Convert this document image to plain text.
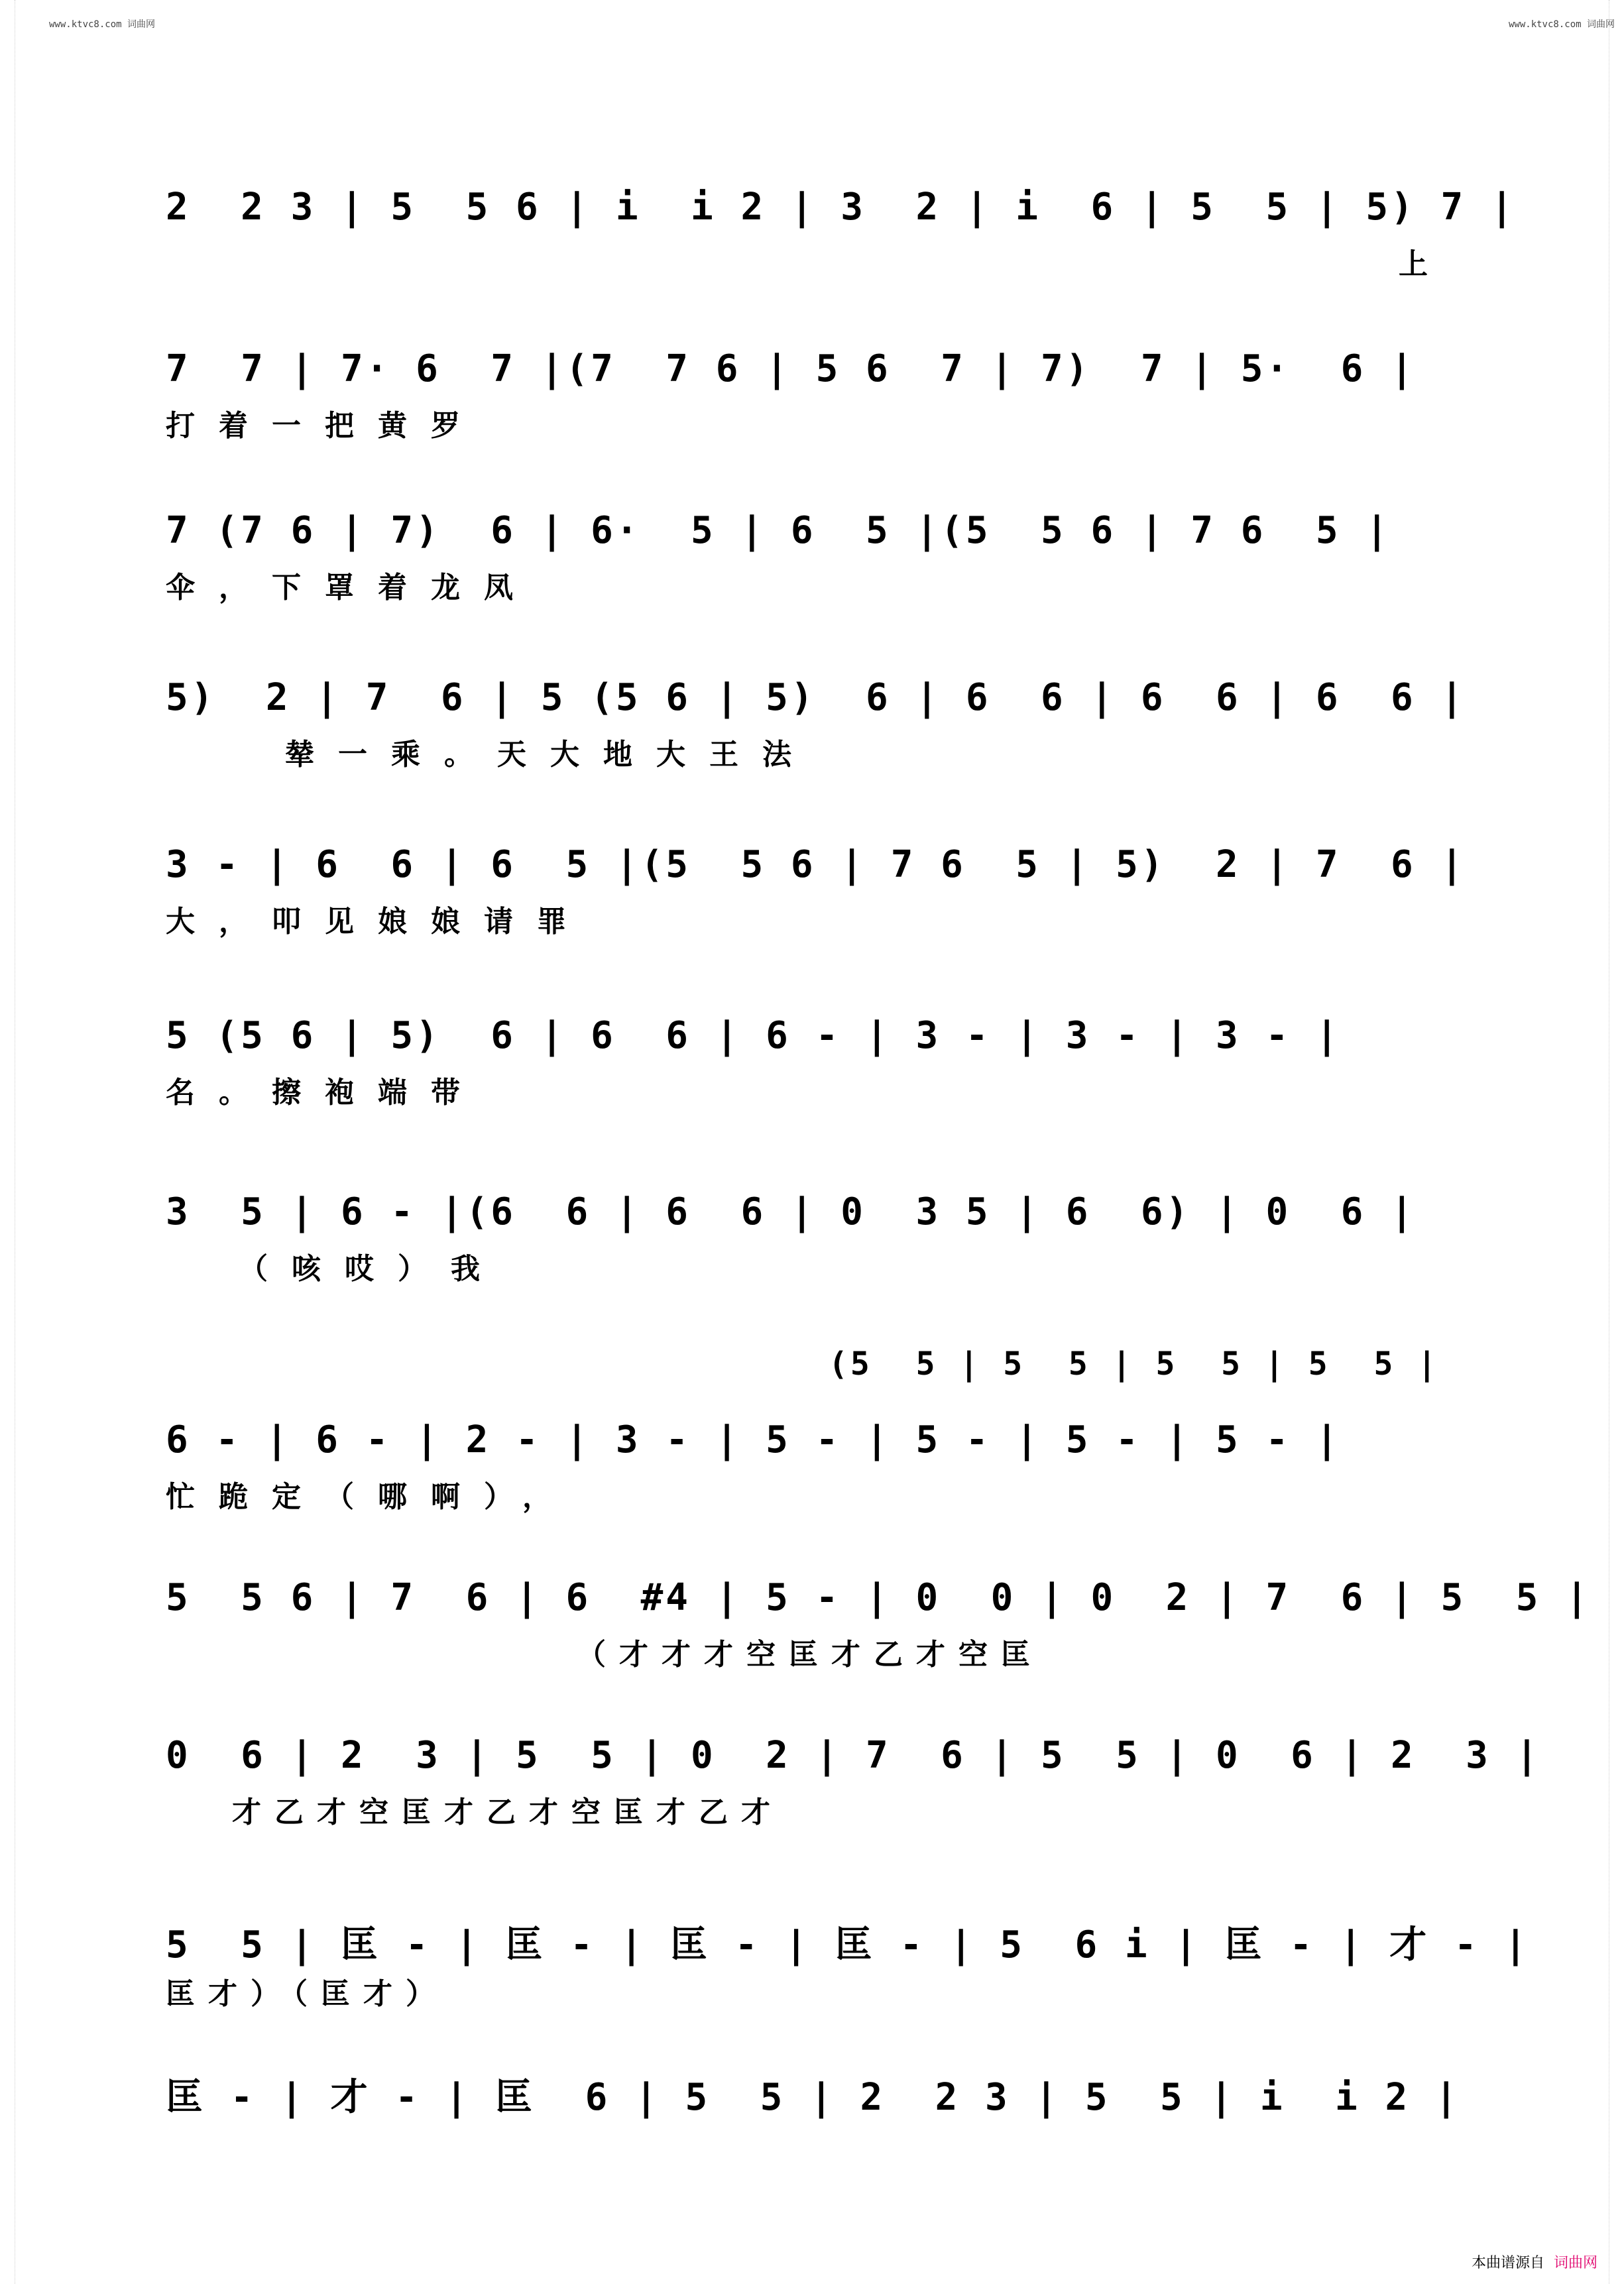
www.ktvc8.com 词曲网	www.ktvc8.com 词曲网
2  2 3 | 5  5 6 | i  i 2 | 3  2 | i  6 | 5  5 | 5) 7 |
上
7  7 | 7· 6  7 |(7  7 6 | 5 6  7 | 7)  7 | 5·  6 |
打着一把黄罗
7 (7 6 | 7)  6 | 6·  5 | 6  5 |(5  5 6 | 7 6  5 |
伞，下罩着龙凤
5)  2 | 7  6 | 5 (5 6 | 5)  6 | 6  6 | 6  6 | 6  6 |
辇一乘。天大地大王法
3 - | 6  6 | 6  5 |(5  5 6 | 7 6  5 | 5)  2 | 7  6 |
大，叩见娘娘请罪
5 (5 6 | 5)  6 | 6  6 | 6 - | 3 - | 3 - | 3 - |
名。擦袍端带
3  5 | 6 - |(6  6 | 6  6 | 0  3 5 | 6  6) | 0  6 |
（咳哎）我
(5  5 | 5  5 | 5  5 | 5  5 |
6 - | 6 - | 2 - | 3 - | 5 - | 5 - | 5 - | 5 - |
忙跪定（哪啊），
5  5 6 | 7  6 | 6  #4 | 5 - | 0  0 | 0  2 | 7  6 | 5  5 |
（才才才空匡才乙才空匡
0  6 | 2  3 | 5  5 | 0  2 | 7  6 | 5  5 | 0  6 | 2  3 |
才乙才空匡才乙才空匡才乙才
5  5 | 匡 - | 匡 - | 匡 - | 匡 - | 5  6 i | 匡 - | 才 - |
匡才）（匡才）
匡 - | 才 - | 匡  6 | 5  5 | 2  2 3 | 5  5 | i  i 2 |
本曲谱源自 词曲网
